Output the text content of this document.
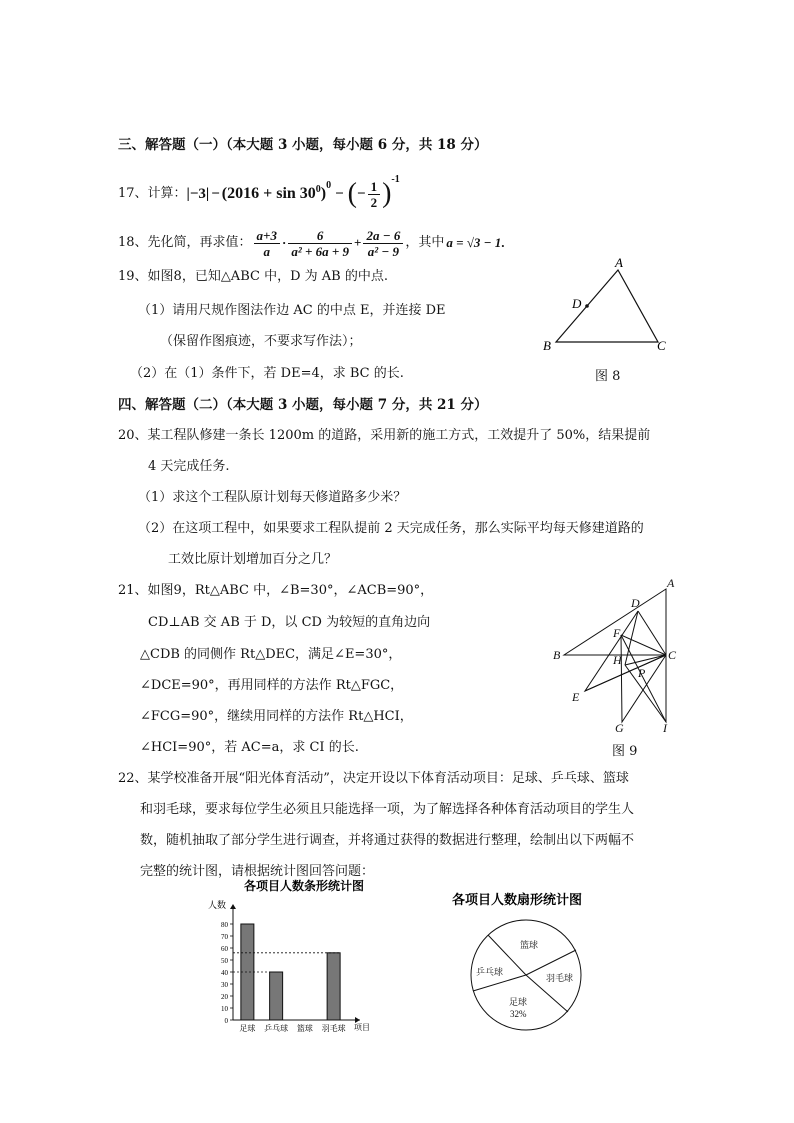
三、解答题（一）（本大题 3 小题，每小题 6 分，共 18 分）
17、计算： $|-3| - (2016 + \sin 30^0$ )$^0$
− ( − $\frac{1}{2} )^{-1}$
18、先化简，再求值： $\frac{a+3}{a} \cdot \frac{6}{\text{a² + 6a + 9}} + \frac{2a - 6}{\text{a² − 9}}$ ，其中 a = √3 − 1 .
19、如图8，已知△ABC 中，D 为 AB 的中点.
（1）请用尺规作图法作边 AC 的中点 E，并连接 DE
（保留作图痕迹，不要求写作法）；
（2）在（1）条件下，若 DE=4，求 BC 的长.
A
B	C
D
图 8
四、解答题（二）（本大题 3 小题，每小题 7 分，共 21 分）
20、某工程队修建一条长 1200m 的道路，采用新的施工方式，工效提升了 50%，结果提前
4 天完成任务.
（1）求这个工程队原计划每天修道路多少米？
（2）在这项工程中，如果要求工程队提前 2 天完成任务，那么实际平均每天修建道路的
工效比原计划增加百分之几？
21、如图9，Rt△ABC 中，∠B=30°，∠ACB=90°，
CD⊥AB 交 AB 于 D，以 CD 为较短的直角边向
△CDB 的同侧作 Rt△DEC，满足∠E=30°，
∠DCE=90°，再用同样的方法作 Rt△FGC，
∠FCG=90°，继续用同样的方法作 Rt△HCI，
∠HCI=90°，若 AC=a，求 CI 的长.
A
B	C
D
E
F
G
H
I
P
图 9
22、某学校准备开展“阳光体育活动”，决定开设以下体育活动项目：足球、乒乓球、篮球
和羽毛球，要求每位学生必须且只能选择一项，为了解选择各种体育活动项目的学生人
数，随机抽取了部分学生进行调查，并将通过获得的数据进行整理，绘制出以下两幅不
完整的统计图，请根据统计图回答问题：
各项目人数条形统计图
人数
项目
0
10
20
30
40
50
60
70
80
足球 乒乓球 篮球 羽毛球
各项目人数扇形统计图
篮球
羽毛球
足球
32%
乒乓球
